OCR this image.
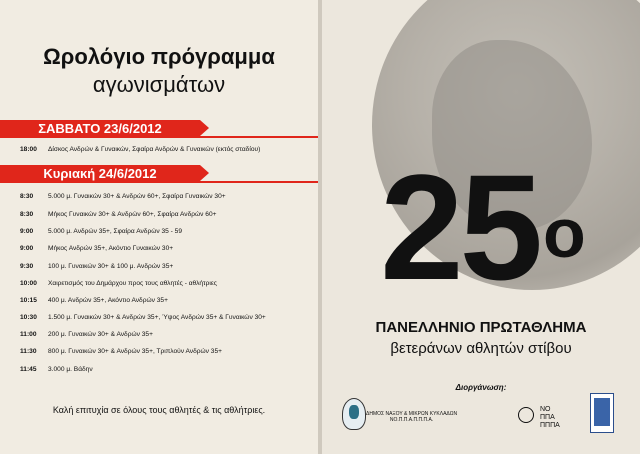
Ωρολόγιο πρόγραμμα
αγωνισμάτων
ΣΑΒΒΑΤΟ 23/6/2012
18:00 Δίσκος Ανδρών & Γυναικών, Σφαίρα Ανδρών & Γυναικών (εκτός σταδίου)
Κυριακή 24/6/2012
8:30 5.000 μ. Γυναικών 30+ & Ανδρών 60+, Σφαίρα Γυναικών 30+
8:30 Μήκος Γυναικών 30+ & Ανδρών 60+, Σφαίρα Ανδρών 60+
9:00 5.000 μ. Ανδρών 35+, Σφαίρα Ανδρών 35 - 59
9:00 Μήκος Ανδρών 35+, Ακόντιο Γυναικών 30+
9:30 100 μ. Γυναικών 30+ & 100 μ. Ανδρών 35+
10:00 Χαιρετισμός του Δημάρχου προς τους αθλητές - αθλήτριες
10:15 400 μ. Ανδρών 35+, Ακόντιο Ανδρών 35+
10:30 1.500 μ. Γυναικών 30+ & Ανδρών 35+, Ύψος Ανδρών 35+ & Γυναικών 30+
11:00 200 μ. Γυναικών 30+ & Ανδρών 35+
11:30 800 μ. Γυναικών 30+ & Ανδρών 35+, Τριπλούν Ανδρών 35+
11:45 3.000 μ. Βάδην
Καλή επιτυχία σε όλους τους αθλητές & τις αθλήτριες.
$25^o$
ΠΑΝΕΛΛΗΝΙΟ ΠΡΩΤΑΘΛΗΜΑ
βετεράνων αθλητών στίβου
Διοργάνωση:
ΔΗΜΟΣ ΝΑΞΟΥ & ΜΙΚΡΩΝ ΚΥΚΛΑΔΩΝ
ΝΟ.Π.Π.Α.Π.Π.Π.Α.
ΝΟ
ΠΠΑ
ΠΠΠΑ
